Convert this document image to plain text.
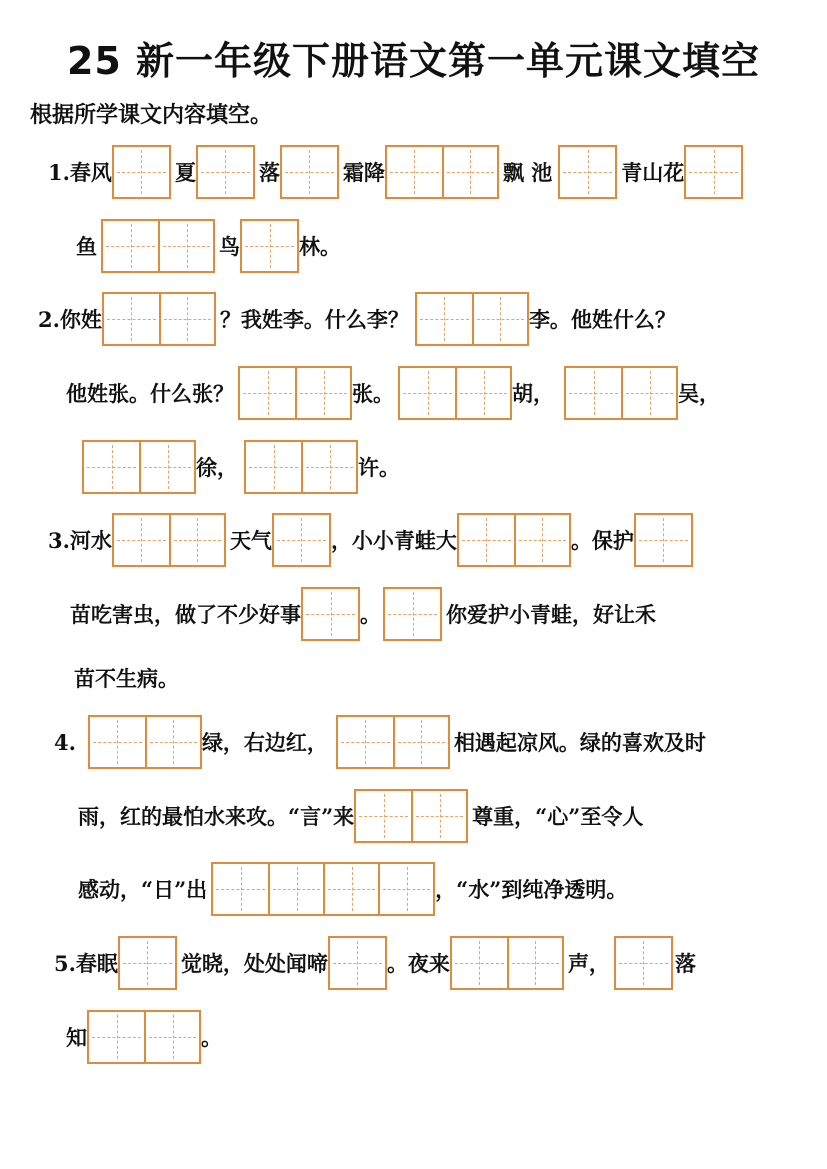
25 新一年级下册语文第一单元课文填空
根据所学课文内容填空。
1.春风	夏	落	霜降	飘 池	青山花
鱼	鸟	林。
2.你姓	？我姓李。什么李？	李。他姓什么？
他姓张。什么张？	张。	胡，	吴，
徐，	许。
3.河水	天气	，小小青蛙大	。保护
苗吃害虫，做了不少好事	。	你爱护小青蛙，好让禾
苗不生病。
4.	绿，右边红，	相遇起凉风。绿的喜欢及时
雨，红的最怕水来攻。“言”来	尊重，“心”至令人
感动，“日”出	，“水”到纯净透明。
5.春眠	觉晓，处处闻啼	。夜来	声，	落
知	。
